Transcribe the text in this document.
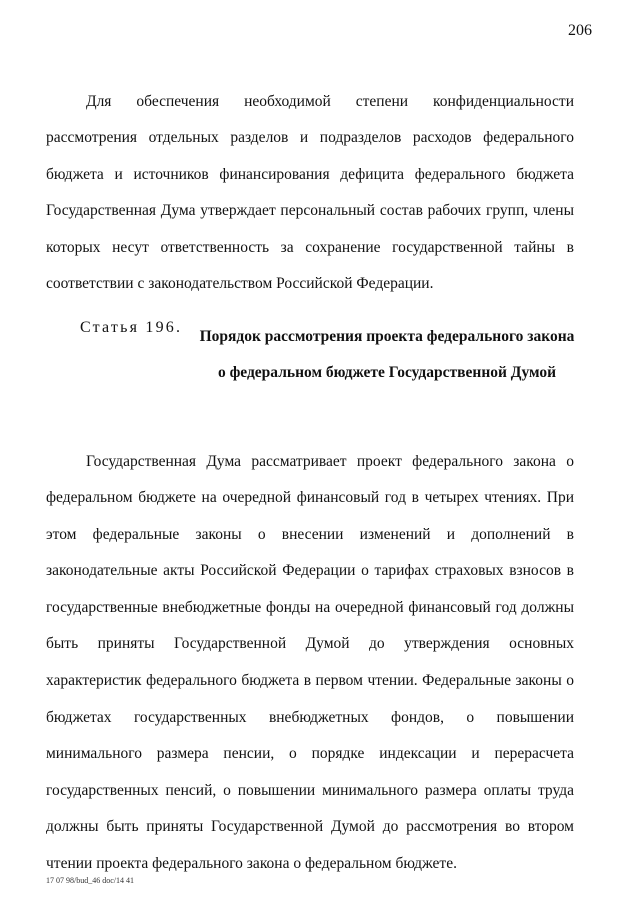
206

Для обеспечения необходимой степени конфиденциальности рассмотрения отдельных разделов и подразделов расходов федерального бюджета и источников финансирования дефицита федерального бюджета Государственная Дума утверждает персональный состав рабочих групп, члены которых несут ответственность за сохранение государственной тайны в соответствии с законодательством Российской Федерации.

Статья 196.
Порядок рассмотрения проекта федерального закона о федеральном бюджете Государственной Думой

Государственная Дума рассматривает проект федерального закона о федеральном бюджете на очередной финансовый год в четырех чтениях. При этом федеральные законы о внесении изменений и дополнений в законодательные акты Российской Федерации о тарифах страховых взносов в государственные внебюджетные фонды на очередной финансовый год должны быть приняты Государственной Думой до утверждения основных характеристик федерального бюджета в первом чтении. Федеральные законы о бюджетах государственных внебюджетных фондов, о повышении минимального размера пенсии, о порядке индексации и перерасчета государственных пенсий, о повышении минимального размера оплаты труда должны быть приняты Государственной Думой до рассмотрения во втором чтении проекта федерального закона о федеральном бюджете.

17 07 98/bud_46 doc/14 41
